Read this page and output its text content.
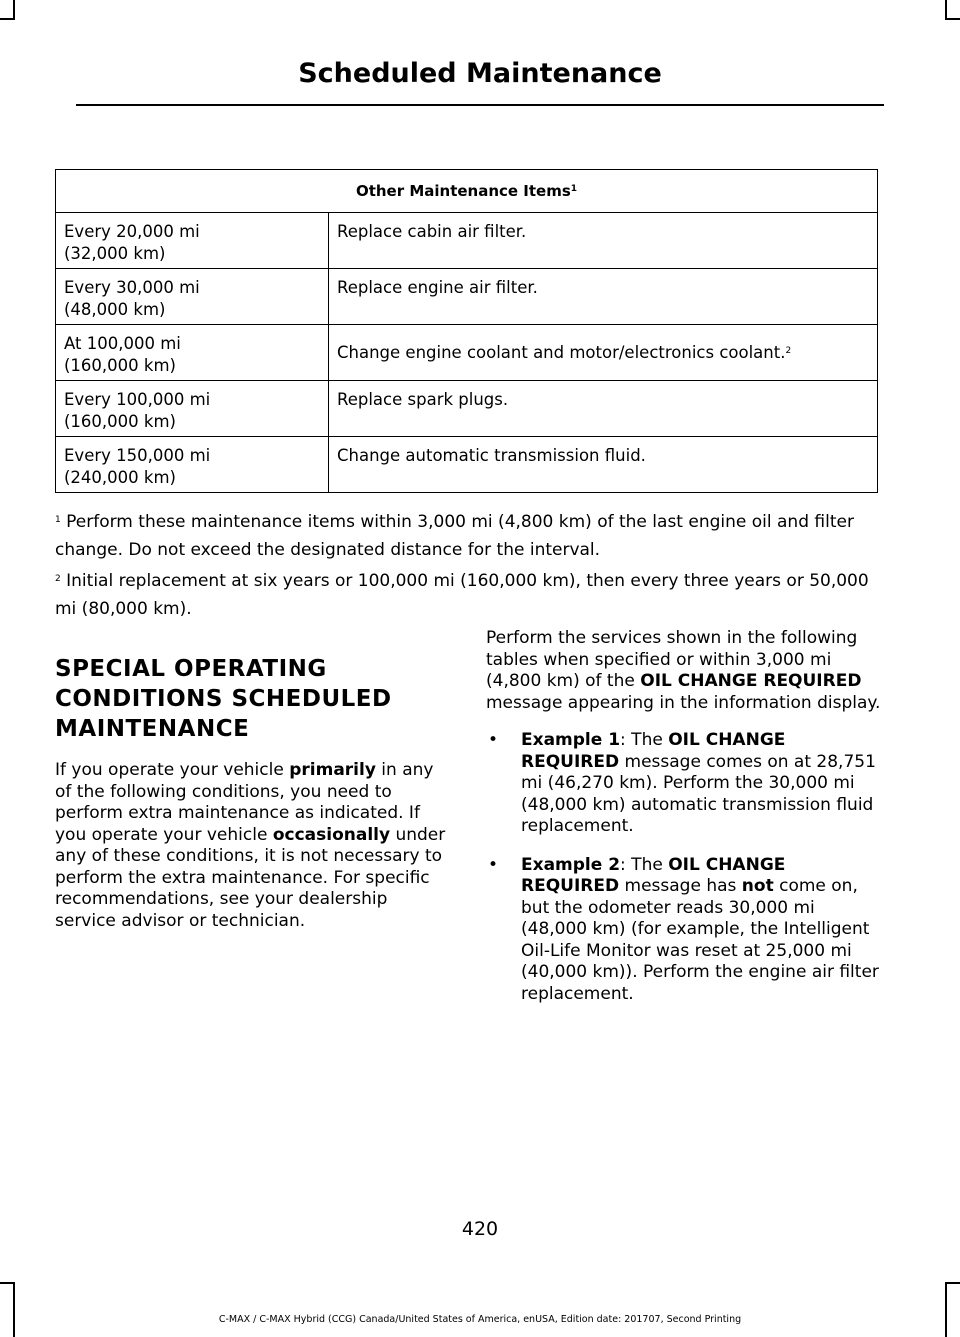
Scheduled Maintenance
Other Maintenance Items$^1$
Every 20,000 mi
(32,000 km)	Replace cabin air filter.
Every 30,000 mi
(48,000 km)	Replace engine air filter.
At 100,000 mi
(160,000 km)	Change engine coolant and motor/electronics coolant.$^2$
Every 100,000 mi
(160,000 km)	Replace spark plugs.
Every 150,000 mi
(240,000 km)	Change automatic transmission fluid.

$^1$ Perform these maintenance items within 3,000 mi (4,800 km) of the last engine oil and filter change. Do not exceed the designated distance for the interval.

$^2$ Initial replacement at six years or 100,000 mi (160,000 km), then every three years or 50,000 mi (80,000 km).

SPECIAL OPERATING
CONDITIONS SCHEDULED
MAINTENANCE

If you operate your vehicle primarily in any of the following conditions, you need to perform extra maintenance as indicated. If you operate your vehicle occasionally under any of these conditions, it is not necessary to perform the extra maintenance. For specific recommendations, see your dealership service advisor or technician.

Perform the services shown in the following tables when specified or within 3,000 mi (4,800 km) of the OIL CHANGE REQUIRED message appearing in the information display.

• Example 1: The OIL CHANGE REQUIRED message comes on at 28,751 mi (46,270 km). Perform the 30,000 mi (48,000 km) automatic transmission fluid replacement.
• Example 2: The OIL CHANGE REQUIRED message has not come on, but the odometer reads 30,000 mi (48,000 km) (for example, the Intelligent Oil-Life Monitor was reset at 25,000 mi (40,000 km)). Perform the engine air filter replacement.
420
C-MAX / C-MAX Hybrid (CCG) Canada/United States of America, enUSA, Edition date: 201707, Second Printing
